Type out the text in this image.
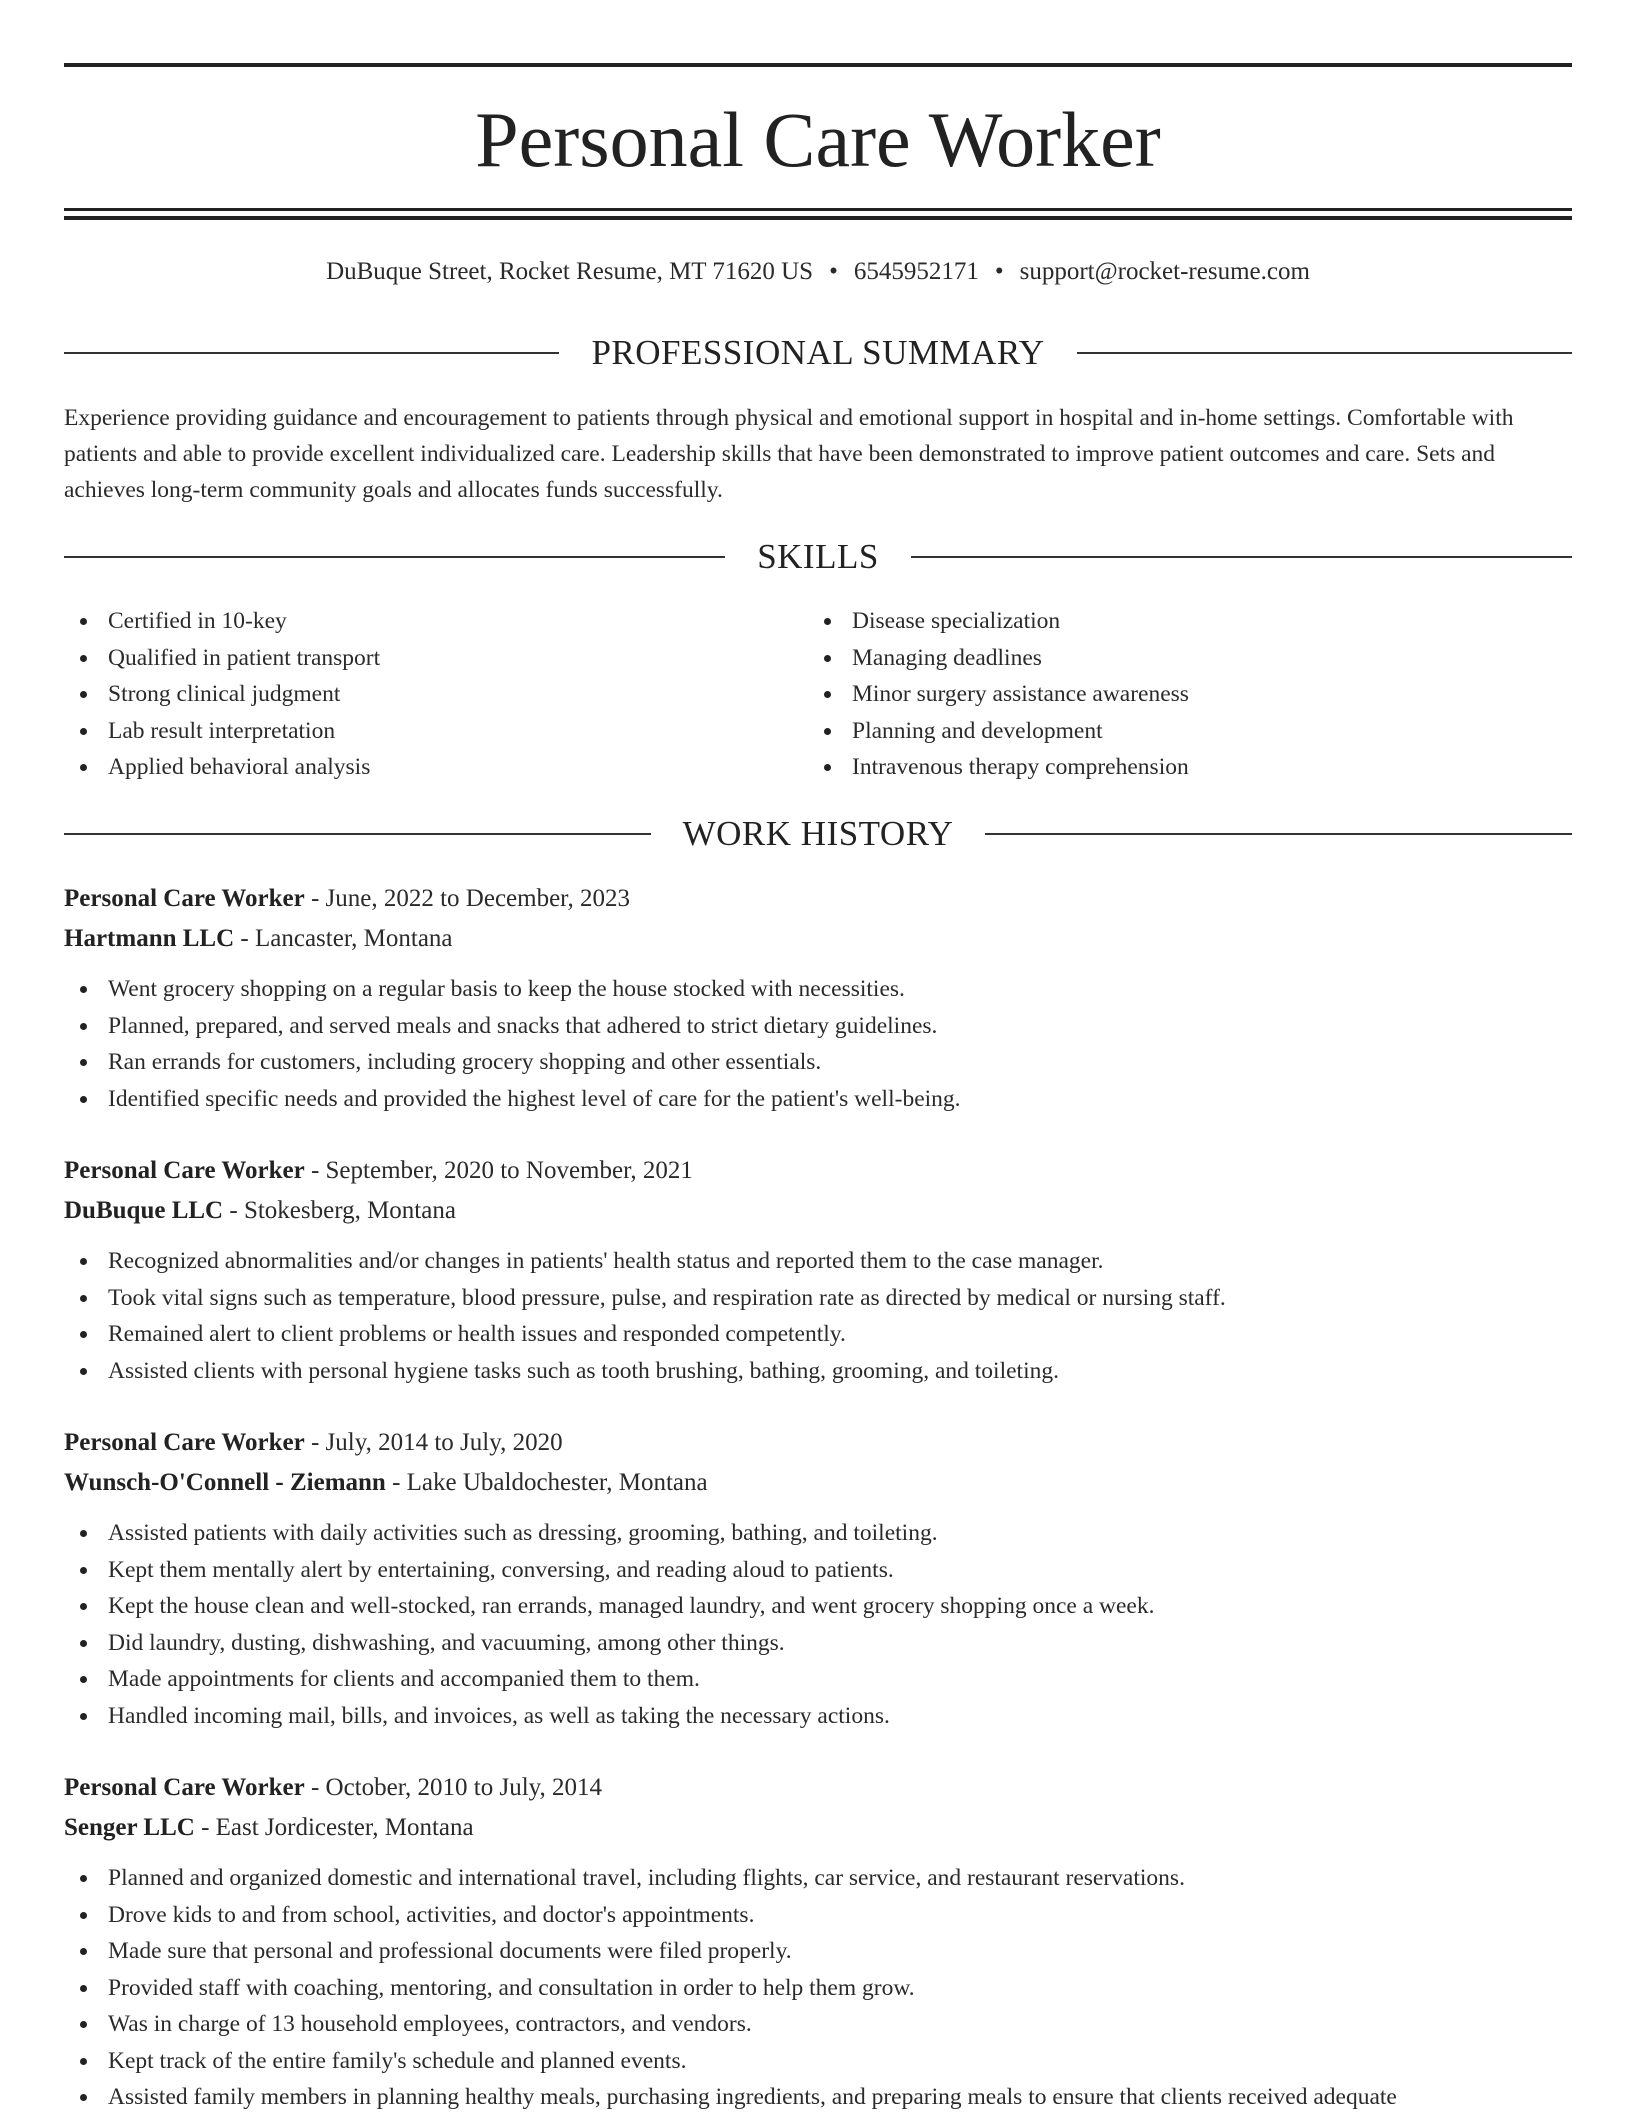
Personal Care Worker
DuBuque Street, Rocket Resume, MT 71620 US • 6545952171 • support@rocket-resume.com
PROFESSIONAL SUMMARY

Experience providing guidance and encouragement to patients through physical and emotional support in hospital and in-home settings. Comfortable with patients and able to provide excellent individualized care. Leadership skills that have been demonstrated to improve patient outcomes and care. Sets and achieves long-term community goals and allocates funds successfully.

SKILLS
Certified in 10-key
Qualified in patient transport
Strong clinical judgment
Lab result interpretation
Applied behavioral analysis
Disease specialization
Managing deadlines
Minor surgery assistance awareness
Planning and development
Intravenous therapy comprehension
WORK HISTORY
Personal Care Worker - June, 2022 to December, 2023
Hartmann LLC - Lancaster, Montana
Went grocery shopping on a regular basis to keep the house stocked with necessities.
Planned, prepared, and served meals and snacks that adhered to strict dietary guidelines.
Ran errands for customers, including grocery shopping and other essentials.
Identified specific needs and provided the highest level of care for the patient's well-being.
Personal Care Worker - September, 2020 to November, 2021
DuBuque LLC - Stokesberg, Montana
Recognized abnormalities and/or changes in patients' health status and reported them to the case manager.
Took vital signs such as temperature, blood pressure, pulse, and respiration rate as directed by medical or nursing staff.
Remained alert to client problems or health issues and responded competently.
Assisted clients with personal hygiene tasks such as tooth brushing, bathing, grooming, and toileting.
Personal Care Worker - July, 2014 to July, 2020
Wunsch-O'Connell - Ziemann - Lake Ubaldochester, Montana
Assisted patients with daily activities such as dressing, grooming, bathing, and toileting.
Kept them mentally alert by entertaining, conversing, and reading aloud to patients.
Kept the house clean and well-stocked, ran errands, managed laundry, and went grocery shopping once a week.
Did laundry, dusting, dishwashing, and vacuuming, among other things.
Made appointments for clients and accompanied them to them.
Handled incoming mail, bills, and invoices, as well as taking the necessary actions.
Personal Care Worker - October, 2010 to July, 2014
Senger LLC - East Jordicester, Montana
Planned and organized domestic and international travel, including flights, car service, and restaurant reservations.
Drove kids to and from school, activities, and doctor's appointments.
Made sure that personal and professional documents were filed properly.
Provided staff with coaching, mentoring, and consultation in order to help them grow.
Was in charge of 13 household employees, contractors, and vendors.
Kept track of the entire family's schedule and planned events.
Assisted family members in planning healthy meals, purchasing ingredients, and preparing meals to ensure that clients received adequate
